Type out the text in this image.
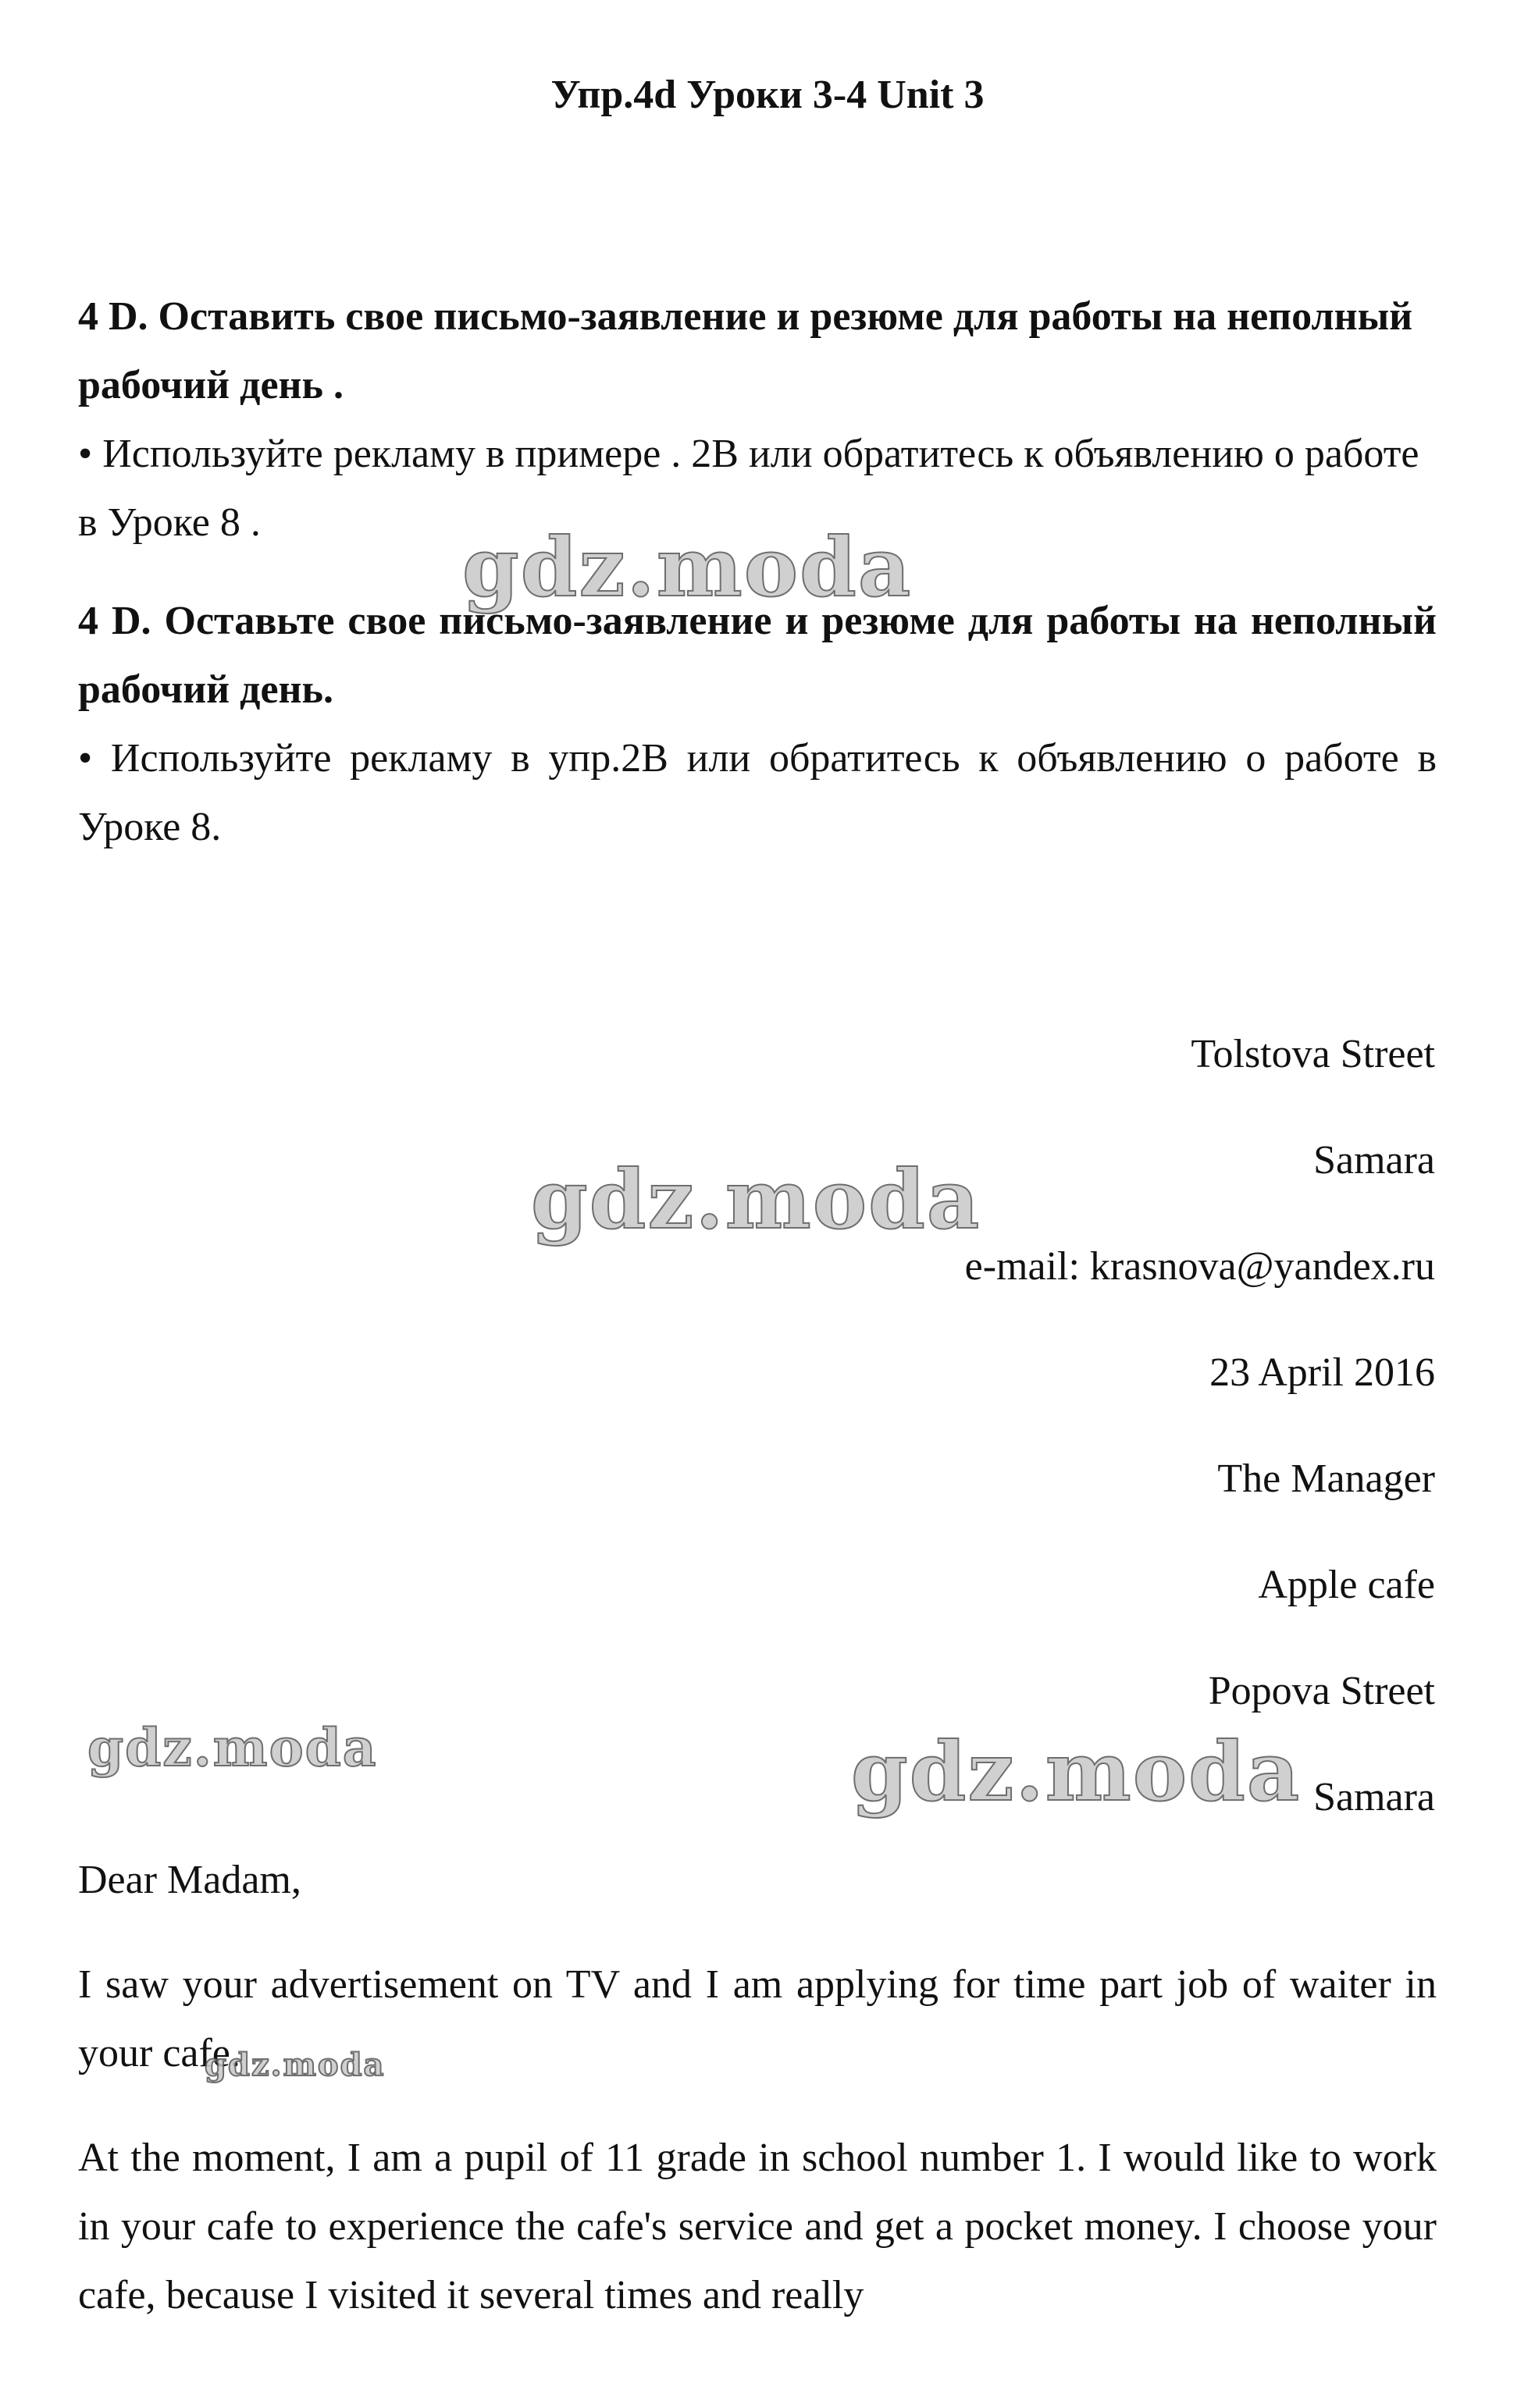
Упр.4d Уроки 3-4 Unit 3

4 D. Оставить свое письмо-заявление и резюме для работы на неполный рабочий день .

• Используйте рекламу в примере . 2B или обратитесь к объявлению о работе в Уроке 8 .

4 D. Оставьте свое письмо-заявление и резюме для работы на неполный рабочий день.

• Используйте рекламу в упр.2B или обратитесь к объявлению о работе в Уроке 8.

Tolstova Street
Samara
e-mail: krasnova@yandex.ru
23 April 2016
The Manager
Apple cafe
Popova Street
Samara

Dear Madam,

I saw your advertisement on TV and I am applying for time part job of waiter in your cafe.

At the moment, I am a pupil of 11 grade in school number 1. I would like to work in your cafe to experience the cafe's service and get a pocket money. I choose your cafe, because I visited it several times and really

gdz.moda
gdz.moda
gdz.moda	gdz.moda
gdz.moda
